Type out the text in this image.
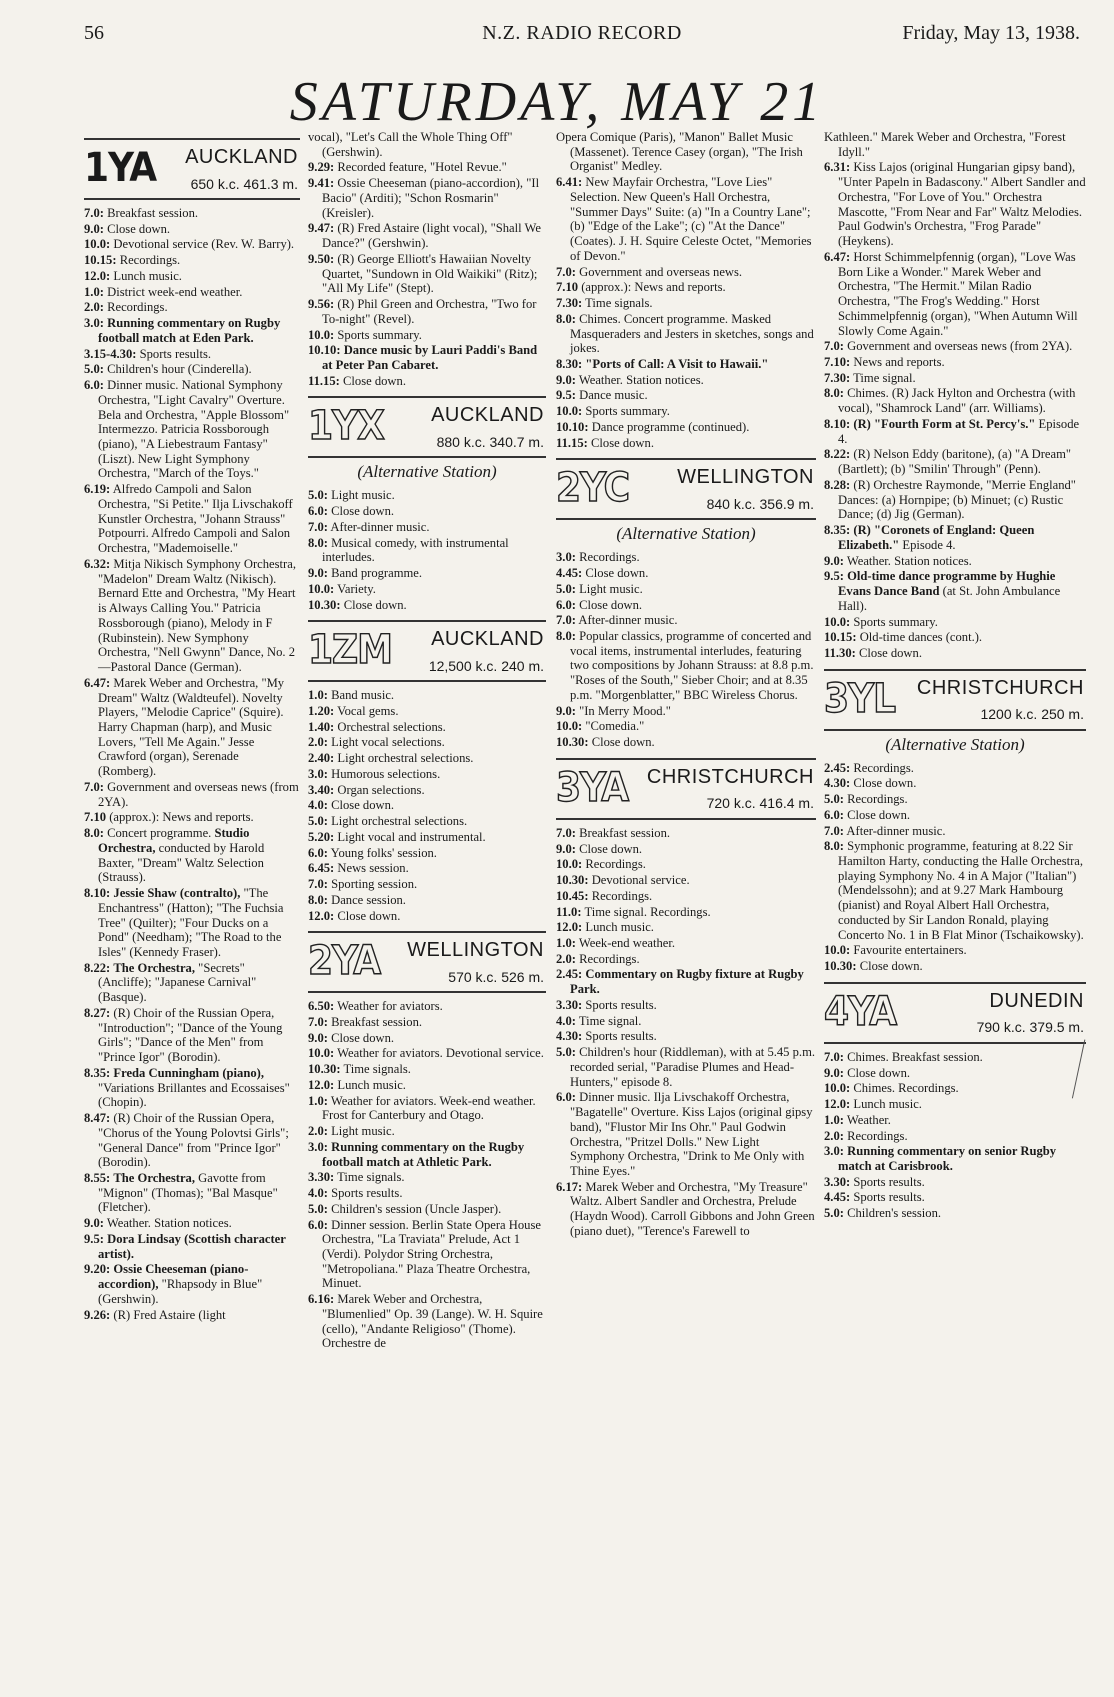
56	N.Z. RADIO RECORD	Friday, May 13, 1938.
SATURDAY, MAY 21
1YA AUCKLAND
650 k.c. 461.3 m.

7.0: Breakfast session.

9.0: Close down.

10.0: Devotional service (Rev. W. Barry).

10.15: Recordings.

12.0: Lunch music.

1.0: District week-end weather.

2.0: Recordings.

3.0: Running commentary on Rugby football match at Eden Park.

3.15-4.30: Sports results.

5.0: Children's hour (Cinderella).

6.0: Dinner music. National Symphony Orchestra, "Light Cavalry" Overture. Bela and Orchestra, "Apple Blossom" Intermezzo. Patricia Rossborough (piano), "A Liebestraum Fantasy" (Liszt). New Light Symphony Orchestra, "March of the Toys."

6.19: Alfredo Campoli and Salon Orchestra, "Si Petite." Ilja Livschakoff Kunstler Orchestra, "Johann Strauss" Potpourri. Alfredo Campoli and Salon Orchestra, "Mademoiselle."

6.32: Mitja Nikisch Symphony Orchestra, "Madelon" Dream Waltz (Nikisch). Bernard Ette and Orchestra, "My Heart is Always Calling You." Patricia Rossborough (piano), Melody in F (Rubinstein). New Symphony Orchestra, "Nell Gwynn" Dance, No. 2—Pastoral Dance (German).

6.47: Marek Weber and Orchestra, "My Dream" Waltz (Waldteufel). Novelty Players, "Melodie Caprice" (Squire). Harry Chapman (harp), and Music Lovers, "Tell Me Again." Jesse Crawford (organ), Serenade (Romberg).

7.0: Government and overseas news (from 2YA).

7.10 (approx.): News and reports.

8.0: Concert programme. Studio Orchestra, conducted by Harold Baxter, "Dream" Waltz Selection (Strauss).

8.10: Jessie Shaw (contralto), "The Enchantress" (Hatton); "The Fuchsia Tree" (Quilter); "Four Ducks on a Pond" (Needham); "The Road to the Isles" (Kennedy Fraser).

8.22: The Orchestra, "Secrets" (Ancliffe); "Japanese Carnival" (Basque).

8.27: (R) Choir of the Russian Opera, "Introduction"; "Dance of the Young Girls"; "Dance of the Men" from "Prince Igor" (Borodin).

8.35: Freda Cunningham (piano), "Variations Brillantes and Ecossaises" (Chopin).

8.47: (R) Choir of the Russian Opera, "Chorus of the Young Polovtsi Girls"; "General Dance" from "Prince Igor" (Borodin).

8.55: The Orchestra, Gavotte from "Mignon" (Thomas); "Bal Masque" (Fletcher).

9.0: Weather. Station notices.

9.5: Dora Lindsay (Scottish character artist).

9.20: Ossie Cheeseman (piano-accordion), "Rhapsody in Blue" (Gershwin).

9.26: (R) Fred Astaire (light

vocal), "Let's Call the Whole Thing Off" (Gershwin).

9.29: Recorded feature, "Hotel Revue."

9.41: Ossie Cheeseman (piano-accordion), "Il Bacio" (Arditi); "Schon Rosmarin" (Kreisler).

9.47: (R) Fred Astaire (light vocal), "Shall We Dance?" (Gershwin).

9.50: (R) George Elliott's Hawaiian Novelty Quartet, "Sundown in Old Waikiki" (Ritz); "All My Life" (Stept).

9.56: (R) Phil Green and Orchestra, "Two for To-night" (Revel).

10.0: Sports summary.

10.10: Dance music by Lauri Paddi's Band at Peter Pan Cabaret.

11.15: Close down.

1YX AUCKLAND
880 k.c. 340.7 m.
(Alternative Station)

5.0: Light music.

6.0: Close down.

7.0: After-dinner music.

8.0: Musical comedy, with instrumental interludes.

9.0: Band programme.

10.0: Variety.

10.30: Close down.

1ZM AUCKLAND
12,500 k.c. 240 m.

1.0: Band music.

1.20: Vocal gems.

1.40: Orchestral selections.

2.0: Light vocal selections.

2.40: Light orchestral selections.

3.0: Humorous selections.

3.40: Organ selections.

4.0: Close down.

5.0: Light orchestral selections.

5.20: Light vocal and instrumental.

6.0: Young folks' session.

6.45: News session.

7.0: Sporting session.

8.0: Dance session.

12.0: Close down.

2YA WELLINGTON
570 k.c. 526 m.

6.50: Weather for aviators.

7.0: Breakfast session.

9.0: Close down.

10.0: Weather for aviators. Devotional service.

10.30: Time signals.

12.0: Lunch music.

1.0: Weather for aviators. Week-end weather. Frost for Canterbury and Otago.

2.0: Light music.

3.0: Running commentary on the Rugby football match at Athletic Park.

3.30: Time signals.

4.0: Sports results.

5.0: Children's session (Uncle Jasper).

6.0: Dinner session. Berlin State Opera House Orchestra, "La Traviata" Prelude, Act 1 (Verdi). Polydor String Orchestra, "Metropoliana." Plaza Theatre Orchestra, Minuet.

6.16: Marek Weber and Orchestra, "Blumenlied" Op. 39 (Lange). W. H. Squire (cello), "Andante Religioso" (Thome). Orchestre de

Opera Comique (Paris), "Manon" Ballet Music (Massenet). Terence Casey (organ), "The Irish Organist" Medley.

6.41: New Mayfair Orchestra, "Love Lies" Selection. New Queen's Hall Orchestra, "Summer Days" Suite: (a) "In a Country Lane"; (b) "Edge of the Lake"; (c) "At the Dance" (Coates). J. H. Squire Celeste Octet, "Memories of Devon."

7.0: Government and overseas news.

7.10 (approx.): News and reports.

7.30: Time signals.

8.0: Chimes. Concert programme. Masked Masqueraders and Jesters in sketches, songs and jokes.

8.30: "Ports of Call: A Visit to Hawaii."

9.0: Weather. Station notices.

9.5: Dance music.

10.0: Sports summary.

10.10: Dance programme (continued).

11.15: Close down.

2YC WELLINGTON
840 k.c. 356.9 m.
(Alternative Station)

3.0: Recordings.

4.45: Close down.

5.0: Light music.

6.0: Close down.

7.0: After-dinner music.

8.0: Popular classics, programme of concerted and vocal items, instrumental interludes, featuring two compositions by Johann Strauss: at 8.8 p.m. "Roses of the South," Sieber Choir; and at 8.35 p.m. "Morgenblatter," BBC Wireless Chorus.

9.0: "In Merry Mood."

10.0: "Comedia."

10.30: Close down.

3YA CHRISTCHURCH
720 k.c. 416.4 m.

7.0: Breakfast session.

9.0: Close down.

10.0: Recordings.

10.30: Devotional service.

10.45: Recordings.

11.0: Time signal. Recordings.

12.0: Lunch music.

1.0: Week-end weather.

2.0: Recordings.

2.45: Commentary on Rugby fixture at Rugby Park.

3.30: Sports results.

4.0: Time signal.

4.30: Sports results.

5.0: Children's hour (Riddleman), with at 5.45 p.m. recorded serial, "Paradise Plumes and Head-Hunters," episode 8.

6.0: Dinner music. Ilja Livschakoff Orchestra, "Bagatelle" Overture. Kiss Lajos (original gipsy band), "Flustor Mir Ins Ohr." Paul Godwin Orchestra, "Pritzel Dolls." New Light Symphony Orchestra, "Drink to Me Only with Thine Eyes."

6.17: Marek Weber and Orchestra, "My Treasure" Waltz. Albert Sandler and Orchestra, Prelude (Haydn Wood). Carroll Gibbons and John Green (piano duet), "Terence's Farewell to

Kathleen." Marek Weber and Orchestra, "Forest Idyll."

6.31: Kiss Lajos (original Hungarian gipsy band), "Unter Papeln in Badascony." Albert Sandler and Orchestra, "For Love of You." Orchestra Mascotte, "From Near and Far" Waltz Melodies. Paul Godwin's Orchestra, "Frog Parade" (Heykens).

6.47: Horst Schimmelpfennig (organ), "Love Was Born Like a Wonder." Marek Weber and Orchestra, "The Hermit." Milan Radio Orchestra, "The Frog's Wedding." Horst Schimmelpfennig (organ), "When Autumn Will Slowly Come Again."

7.0: Government and overseas news (from 2YA).

7.10: News and reports.

7.30: Time signal.

8.0: Chimes. (R) Jack Hylton and Orchestra (with vocal), "Shamrock Land" (arr. Williams).

8.10: (R) "Fourth Form at St. Percy's." Episode 4.

8.22: (R) Nelson Eddy (baritone), (a) "A Dream" (Bartlett); (b) "Smilin' Through" (Penn).

8.28: (R) Orchestre Raymonde, "Merrie England" Dances: (a) Hornpipe; (b) Minuet; (c) Rustic Dance; (d) Jig (German).

8.35: (R) "Coronets of England: Queen Elizabeth." Episode 4.

9.0: Weather. Station notices.

9.5: Old-time dance programme by Hughie Evans Dance Band (at St. John Ambulance Hall).

10.0: Sports summary.

10.15: Old-time dances (cont.).

11.30: Close down.

3YL CHRISTCHURCH
1200 k.c. 250 m.
(Alternative Station)

2.45: Recordings.

4.30: Close down.

5.0: Recordings.

6.0: Close down.

7.0: After-dinner music.

8.0: Symphonic programme, featuring at 8.22 Sir Hamilton Harty, conducting the Halle Orchestra, playing Symphony No. 4 in A Major ("Italian") (Mendelssohn); and at 9.27 Mark Hambourg (pianist) and Royal Albert Hall Orchestra, conducted by Sir Landon Ronald, playing Concerto No. 1 in B Flat Minor (Tschaikowsky).

10.0: Favourite entertainers.

10.30: Close down.

4YA	DUNEDIN
790 k.c. 379.5 m.

7.0: Chimes. Breakfast session.

9.0: Close down.

10.0: Chimes. Recordings.

12.0: Lunch music.

1.0: Weather.

2.0: Recordings.

3.0: Running commentary on senior Rugby match at Carisbrook.

3.30: Sports results.

4.45: Sports results.

5.0: Children's session.
